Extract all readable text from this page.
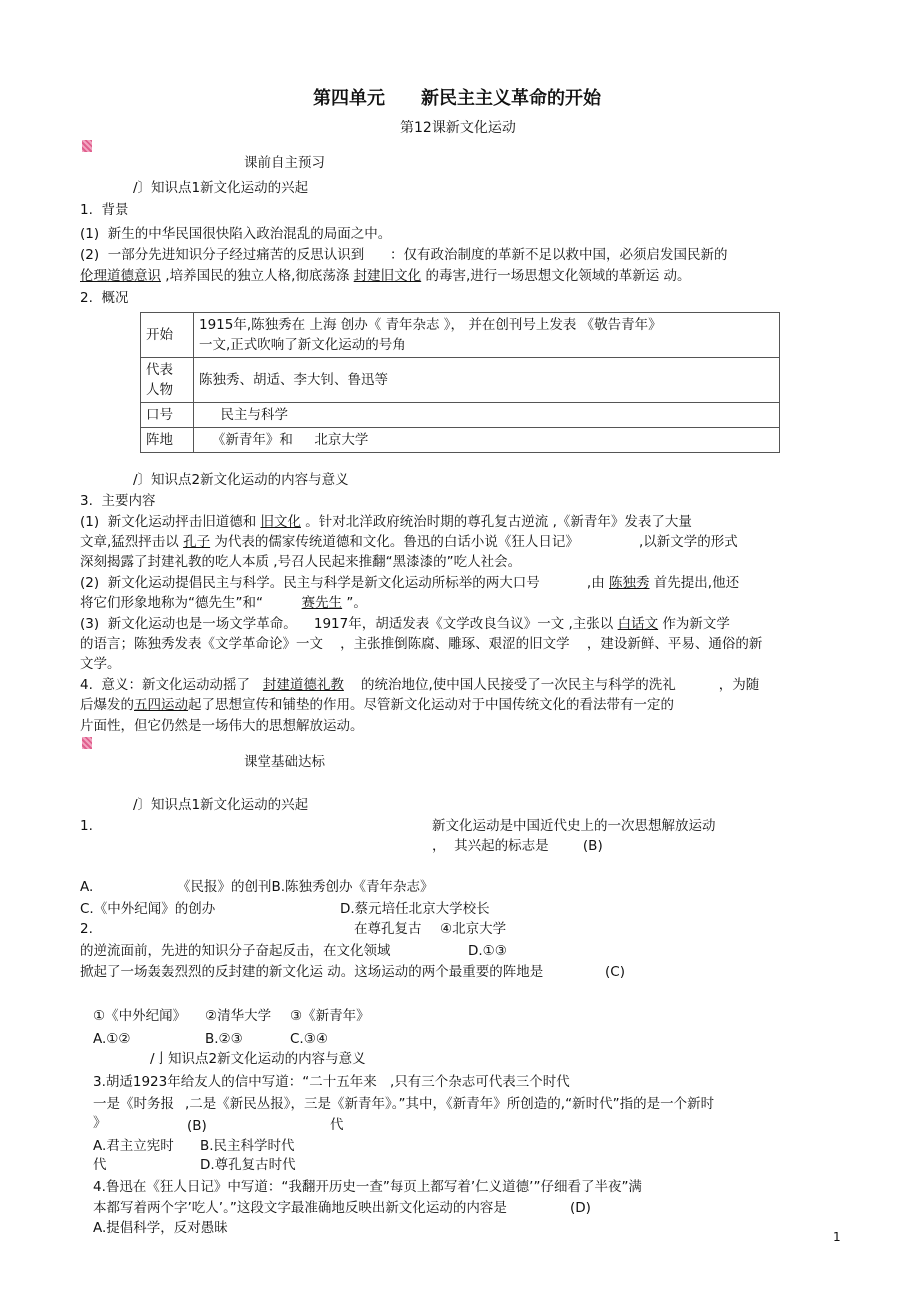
第四单元　　新民主主义革命的开始
第12课新文化运动
开始	1915年,陈独秀在 上海 创办《 青年杂志 》， 并在创刊号上发表 《敬告青年》
一文,正式吹响了新文化运动的号角
代表
人物	陈独秀、胡适、李大钊、鲁迅等
口号	民主与科学
阵地	《新青年》和     北京大学
课前自主预习
/〕知识点1新文化运动的兴起
1.  背景
(1)  新生的中华民国很快陷入政治混乱的局面之中。
(2)  一部分先进知识分子经过痛苦的反思认识到      ：仅有政治制度的革新不足以救中国，必须启发国民新的
伦理道德意识 ,培养国民的独立人格,彻底荡涤 封建旧文化 的毒害,进行一场思想文化领域的革新运 动。
2.  概况
/〕知识点2新文化运动的内容与意义
3.  主要内容
(1)  新文化运动抨击旧道德和 旧文化 。针对北洋政府统治时期的尊孔复古逆流 ,《新青年》发表了大量
文章,猛烈抨击以 孔子 为代表的儒家传统道德和文化。鲁迅的白话小说《狂人日记》              ,以新文学的形式
深刻揭露了封建礼教的吃人本质 ,号召人民起来推翻“黑漆漆的”吃人社会。
(2)  新文化运动提倡民主与科学。民主与科学是新文化运动所标举的两大口号           ,由 陈独秀 首先提出,他还
将它们形象地称为“德先生”和“         赛先生 ”。
(3)  新文化运动也是一场文学革命。    1917年，胡适发表《文学改良刍议》一文 ,主张以 白话文 作为新文学
的语言；陈独秀发表《文学革命论》一文    ，主张推倒陈腐、雕琢、艰涩的旧文学    ，建设新鲜、平易、通俗的新
文学。
4.  意义：新文化运动动摇了   封建道德礼教    的统治地位,使中国人民接受了一次民主与科学的洗礼          ，为随
后爆发的五四运动起了思想宣传和铺垫的作用。尽管新文化运动对于中国传统文化的看法带有一定的
片面性，但它仍然是一场伟大的思想解放运动。
课堂基础达标
/〕知识点1新文化运动的兴起
1.	新文化运动是中国近代史上的一次思想解放运动
，  其兴起的标志是        (B)
A.	《民报》的创刊B.陈独秀创办《青年杂志》
C.《中外纪闻》的创办	D.蔡元培任北京大学校长
2.	在尊孔复古 ④北京大学
的逆流面前，先进的知识分子奋起反击，在文化领域	D.①③
掀起了一场轰轰烈烈的反封建的新文化运 动。这场运动的两个最重要的阵地是	(C)
①《中外纪闻》 ②清华大学 ③《新青年》
A.①②	B.②③	C.③④
/亅知识点2新文化运动的内容与意义
3.胡适1923年给友人的信中写道：“二十五年来 ,只有三个杂志可代表三个时代
一是《时务报 ,二是《新民丛报》，三是《新青年》。”其中，《新青年》所创造的,“新时代”指的是一个新时
》	(B)	代
A.君主立宪时 B.民主科学时代
代	D.尊孔复古时代
4.鲁迅在《狂人日记》中写道：“我翻开历史一查”每页上都写着’仁义道德’”仔细看了半夜”满
本都写着两个字’吃人’。”这段文字最准确地反映出新文化运动的内容是	(D)
A.提倡科学，反对愚昧
1
